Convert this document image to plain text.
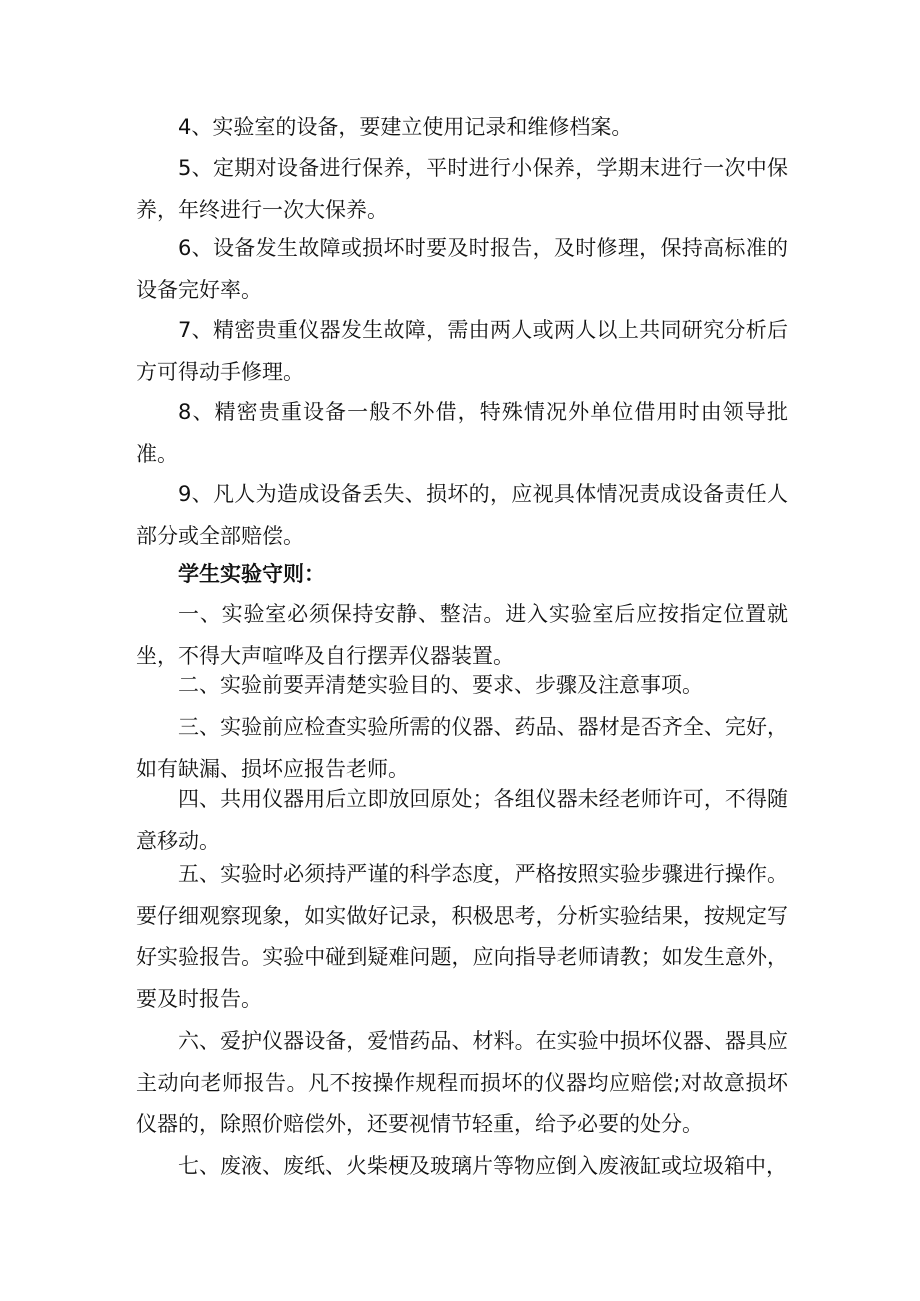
4、实验室的设备，要建立使用记录和维修档案。

5、定期对设备进行保养，平时进行小保养，学期末进行一次中保养，年终进行一次大保养。

6、设备发生故障或损坏时要及时报告，及时修理，保持高标准的设备完好率。

7、精密贵重仪器发生故障，需由两人或两人以上共同研究分析后方可得动手修理。

8、精密贵重设备一般不外借，特殊情况外单位借用时由领导批准。

9、凡人为造成设备丢失、损坏的，应视具体情况责成设备责任人部分或全部赔偿。

学生实验守则：

一、实验室必须保持安静、整洁。进入实验室后应按指定位置就坐，不得大声喧哗及自行摆弄仪器装置。

二、实验前要弄清楚实验目的、要求、步骤及注意事项。

三、实验前应检查实验所需的仪器、药品、器材是否齐全、完好，如有缺漏、损坏应报告老师。

四、共用仪器用后立即放回原处；各组仪器未经老师许可，不得随意移动。

五、实验时必须持严谨的科学态度，严格按照实验步骤进行操作。要仔细观察现象，如实做好记录，积极思考，分析实验结果，按规定写好实验报告。实验中碰到疑难问题，应向指导老师请教；如发生意外，要及时报告。

六、爱护仪器设备，爱惜药品、材料。在实验中损坏仪器、器具应主动向老师报告。凡不按操作规程而损坏的仪器均应赔偿;对故意损坏仪器的，除照价赔偿外，还要视情节轻重，给予必要的处分。

七、废液、废纸、火柴梗及玻璃片等物应倒入废液缸或垃圾箱中，
